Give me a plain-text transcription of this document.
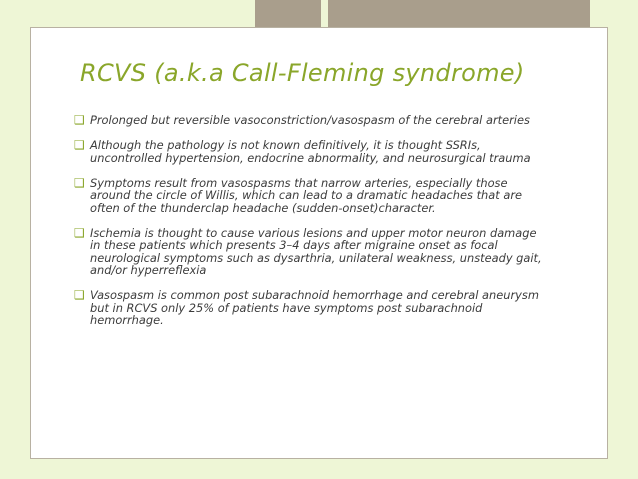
RCVS (a.k.a Call-Fleming syndrome)
❑ Prolonged but reversible vasoconstriction/vasospasm of the cerebral arteries
❑ Although the pathology is not known definitively, it is thought SSRIs, uncontrolled hypertension, endocrine abnormality, and neurosurgical trauma
❑ Symptoms result from vasospasms that narrow arteries, especially those around the circle of Willis, which can lead to a dramatic headaches that are often of the thunderclap headache (sudden-onset)character.
❑ Ischemia is thought to cause various lesions and upper motor neuron damage in these patients which presents 3–4 days after migraine onset as focal neurological symptoms such as dysarthria, unilateral weakness, unsteady gait, and/or hyperreflexia
❑ Vasospasm is common post subarachnoid hemorrhage and cerebral aneurysm but in RCVS only 25% of patients have symptoms post subarachnoid hemorrhage.
